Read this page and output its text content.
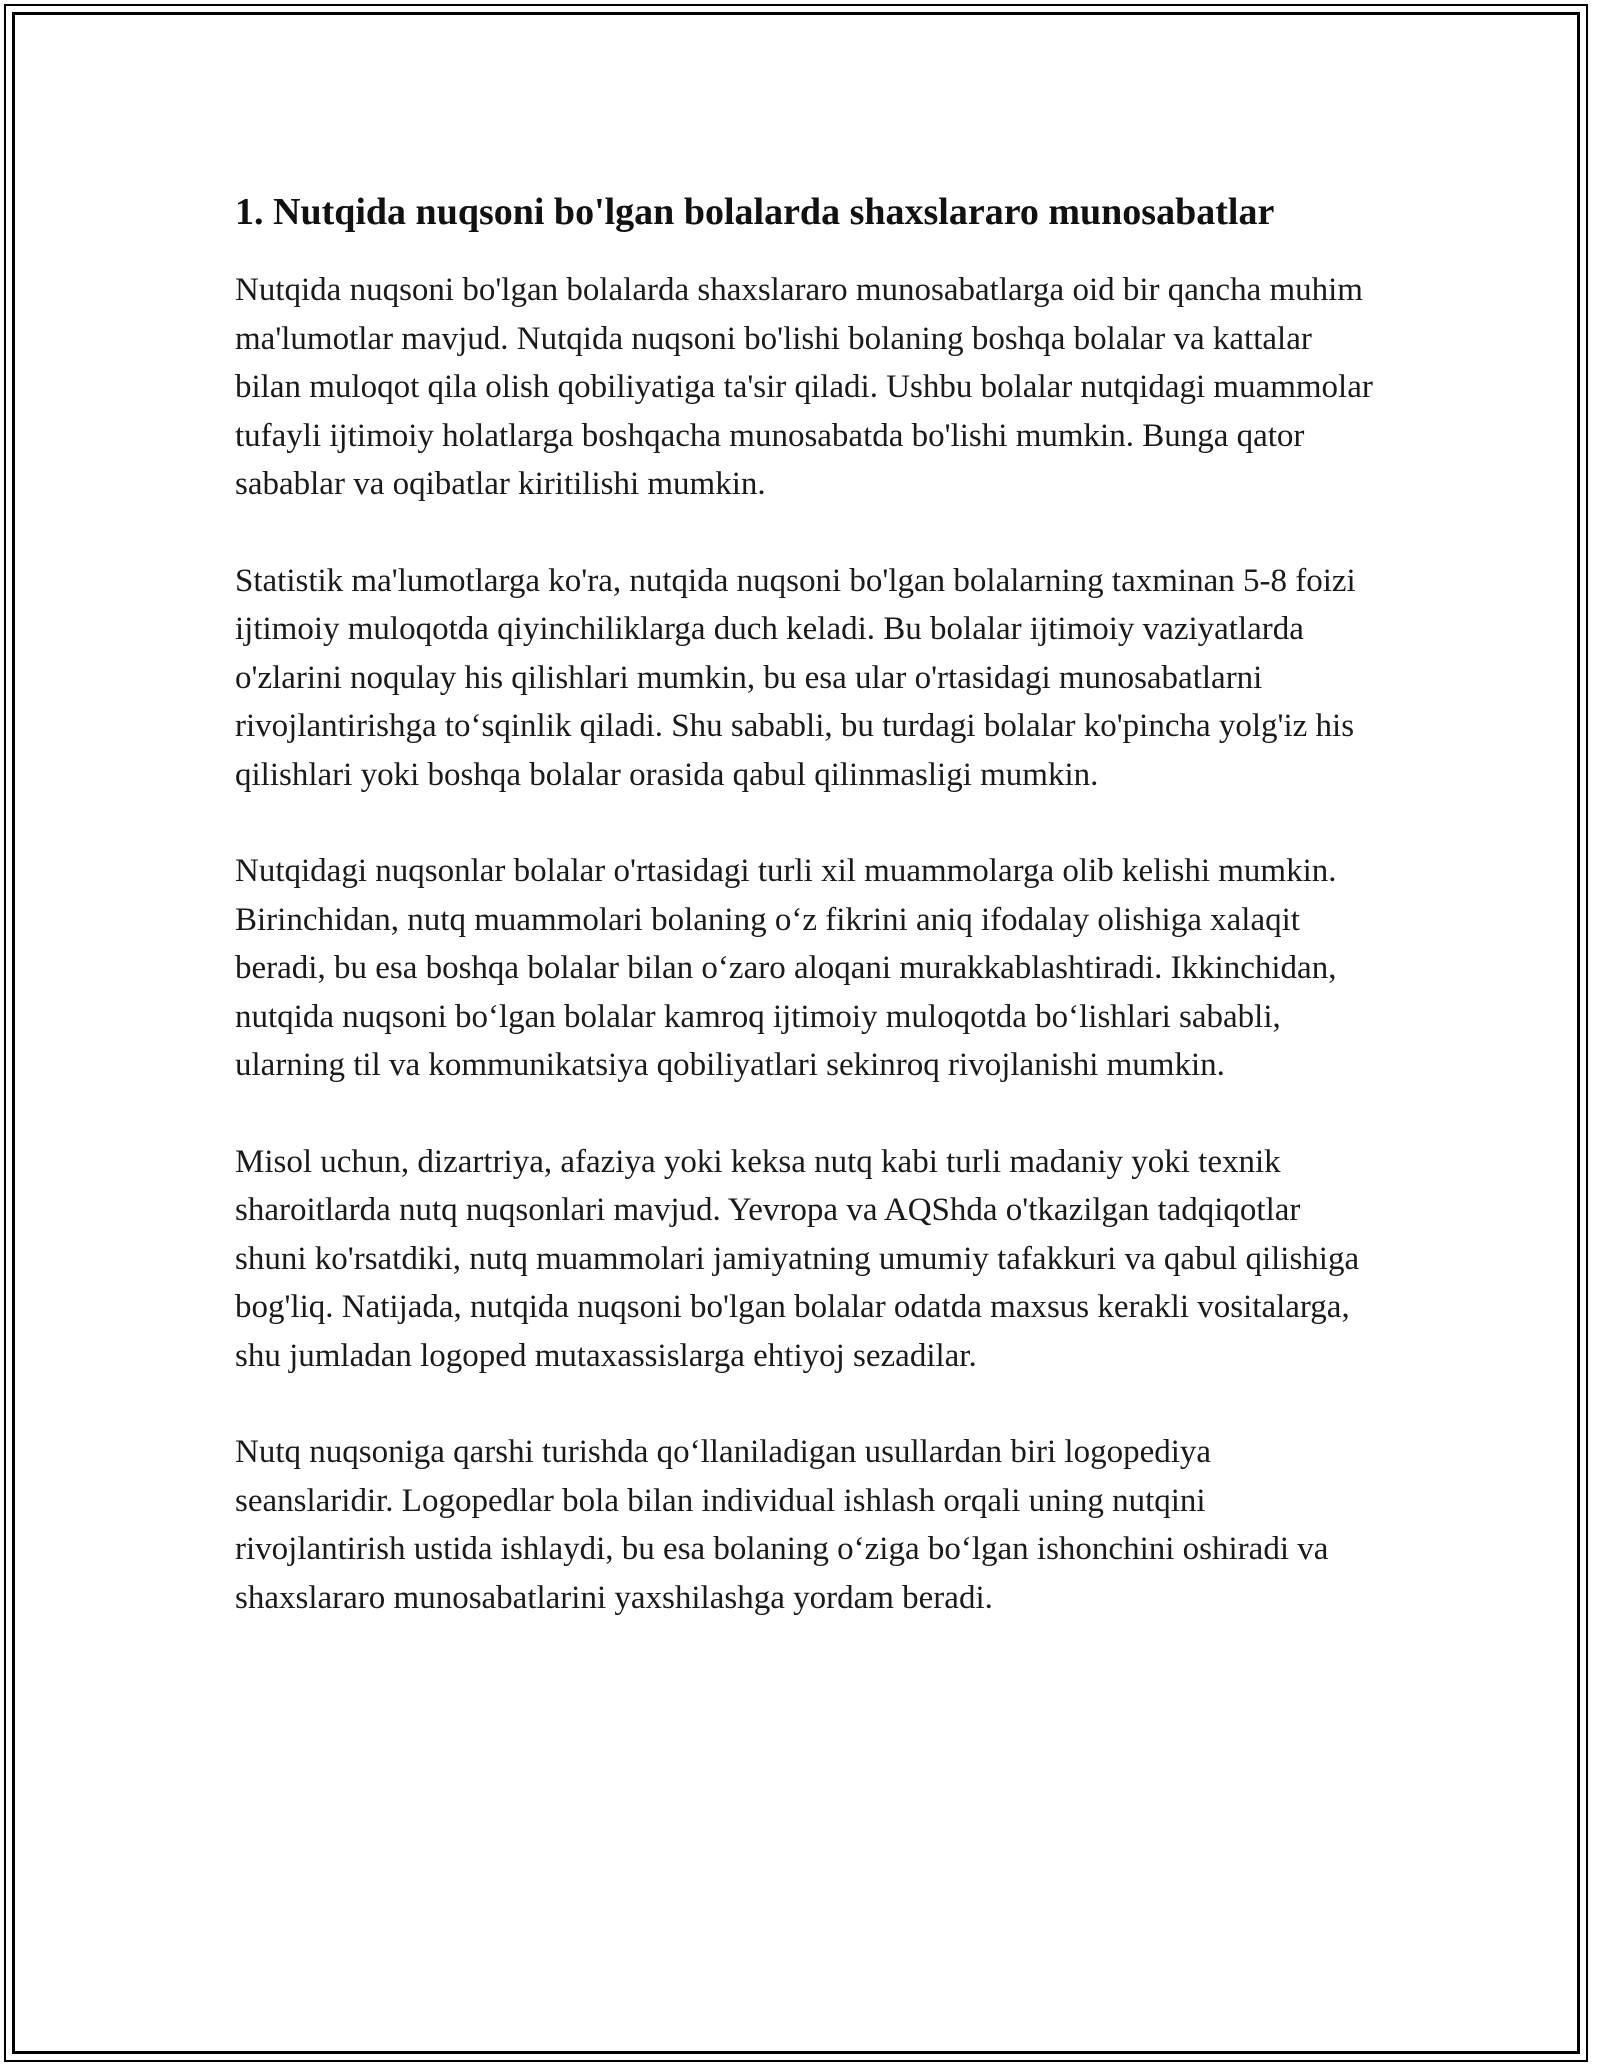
1. Nutqida nuqsoni bo'lgan bolalarda shaxslararo munosabatlar

Nutqida nuqsoni bo'lgan bolalarda shaxslararo munosabatlarga oid bir qancha muhim ma'lumotlar mavjud. Nutqida nuqsoni bo'lishi bolaning boshqa bolalar va kattalar bilan muloqot qila olish qobiliyatiga ta'sir qiladi. Ushbu bolalar nutqidagi muammolar tufayli ijtimoiy holatlarga boshqacha munosabatda bo'lishi mumkin. Bunga qator sabablar va oqibatlar kiritilishi mumkin.

Statistik ma'lumotlarga ko'ra, nutqida nuqsoni bo'lgan bolalarning taxminan 5-8 foizi ijtimoiy muloqotda qiyinchiliklarga duch keladi. Bu bolalar ijtimoiy vaziyatlarda o'zlarini noqulay his qilishlari mumkin, bu esa ular o'rtasidagi munosabatlarni rivojlantirishga to‘sqinlik qiladi. Shu sababli, bu turdagi bolalar ko'pincha yolg'iz his qilishlari yoki boshqa bolalar orasida qabul qilinmasligi mumkin.

Nutqidagi nuqsonlar bolalar o'rtasidagi turli xil muammolarga olib kelishi mumkin. Birinchidan, nutq muammolari bolaning o‘z fikrini aniq ifodalay olishiga xalaqit beradi, bu esa boshqa bolalar bilan o‘zaro aloqani murakkablashtiradi. Ikkinchidan, nutqida nuqsoni bo‘lgan bolalar kamroq ijtimoiy muloqotda bo‘lishlari sababli, ularning til va kommunikatsiya qobiliyatlari sekinroq rivojlanishi mumkin.

Misol uchun, dizartriya, afaziya yoki keksa nutq kabi turli madaniy yoki texnik sharoitlarda nutq nuqsonlari mavjud. Yevropa va AQShda o'tkazilgan tadqiqotlar shuni ko'rsatdiki, nutq muammolari jamiyatning umumiy tafakkuri va qabul qilishiga bog'liq. Natijada, nutqida nuqsoni bo'lgan bolalar odatda maxsus kerakli vositalarga, shu jumladan logoped mutaxassislarga ehtiyoj sezadilar.

Nutq nuqsoniga qarshi turishda qo‘llaniladigan usullardan biri logopediya seanslaridir. Logopedlar bola bilan individual ishlash orqali uning nutqini rivojlantirish ustida ishlaydi, bu esa bolaning o‘ziga bo‘lgan ishonchini oshiradi va shaxslararo munosabatlarini yaxshilashga yordam beradi.
